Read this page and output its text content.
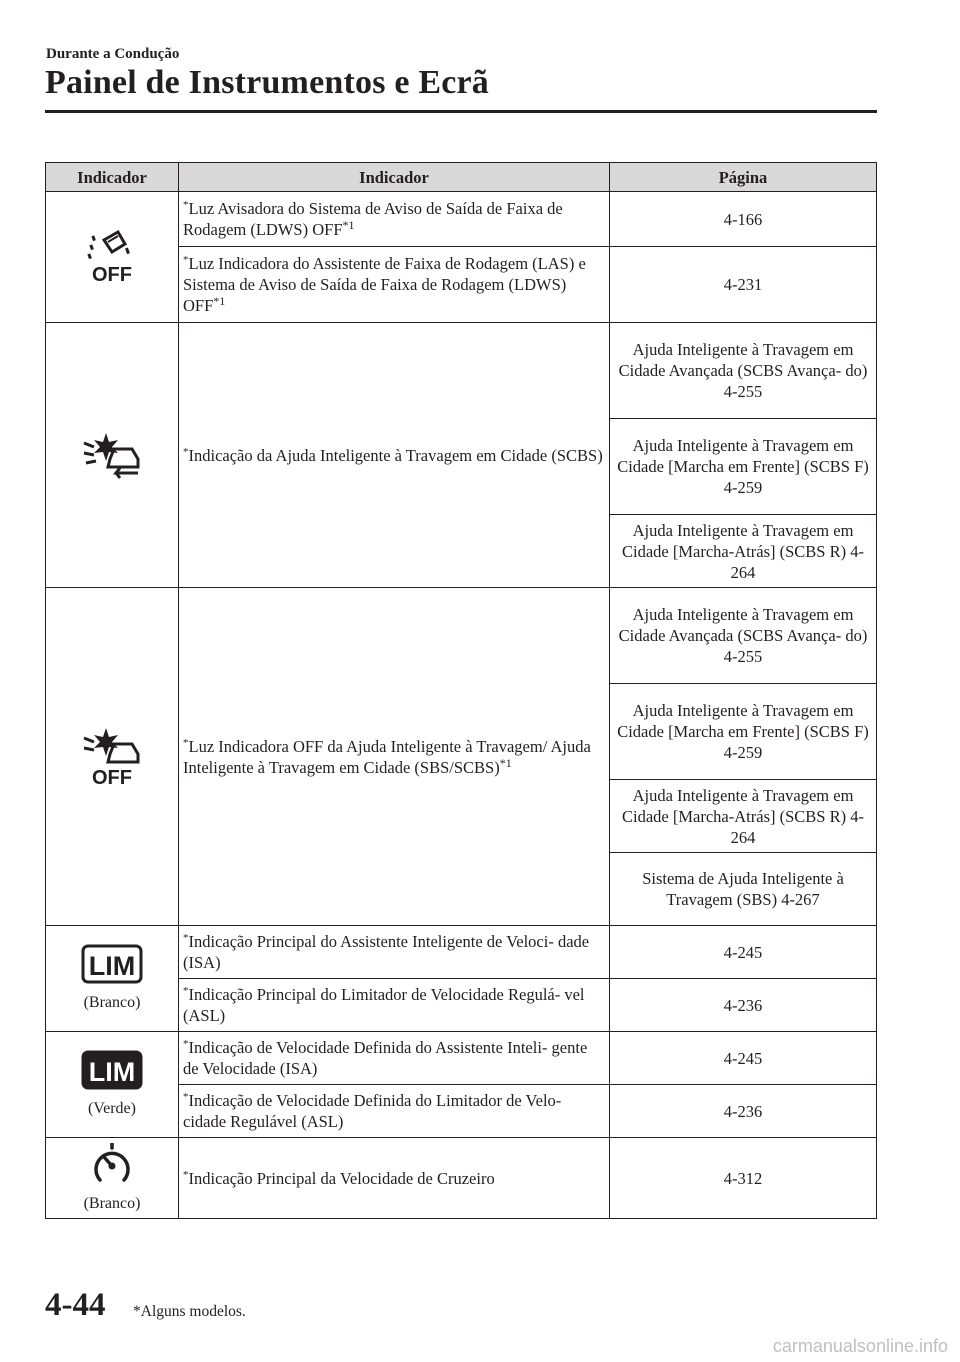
Durante a Condução
Painel de Instrumentos e Ecrã
Indicador	Indicador	Página

OFF	*Luz Avisadora do Sistema de Aviso de Saída de Faixa de Rodagem (LDWS) OFF$^{*1}$	4-166
	*Luz Indicadora do Assistente de Faixa de Rodagem (LAS) e Sistema de Aviso de Saída de Faixa de Rodagem (LDWS) OFF$^{*1}$	4-231

	*Indicação da Ajuda Inteligente à Travagem em Cidade (SCBS)	Ajuda Inteligente à Travagem em Cidade Avançada (SCBS Avança- do) 4-255
		Ajuda Inteligente à Travagem em Cidade [Marcha em Frente] (SCBS F) 4-259
		Ajuda Inteligente à Travagem em Cidade [Marcha-Atrás] (SCBS R) 4-264

OFF	*Luz Indicadora OFF da Ajuda Inteligente à Travagem/ Ajuda Inteligente à Travagem em Cidade (SBS/SCBS)$^{*1}$	Ajuda Inteligente à Travagem em Cidade Avançada (SCBS Avança- do) 4-255
		Ajuda Inteligente à Travagem em Cidade [Marcha em Frente] (SCBS F) 4-259
		Ajuda Inteligente à Travagem em Cidade [Marcha-Atrás] (SCBS R) 4-264
		Sistema de Ajuda Inteligente à Travagem (SBS) 4-267

LIM
(Branco)	*Indicação Principal do Assistente Inteligente de Veloci- dade (ISA)	4-245
	*Indicação Principal do Limitador de Velocidade Regulá- vel (ASL)	4-236

LIM
(Verde)	*Indicação de Velocidade Definida do Assistente Inteli- gente de Velocidade (ISA)	4-245
	*Indicação de Velocidade Definida do Limitador de Velo- cidade Regulável (ASL)	4-236

(Branco)	*Indicação Principal da Velocidade de Cruzeiro	4-312
4-44 *Alguns modelos.
carmanualsonline.info
